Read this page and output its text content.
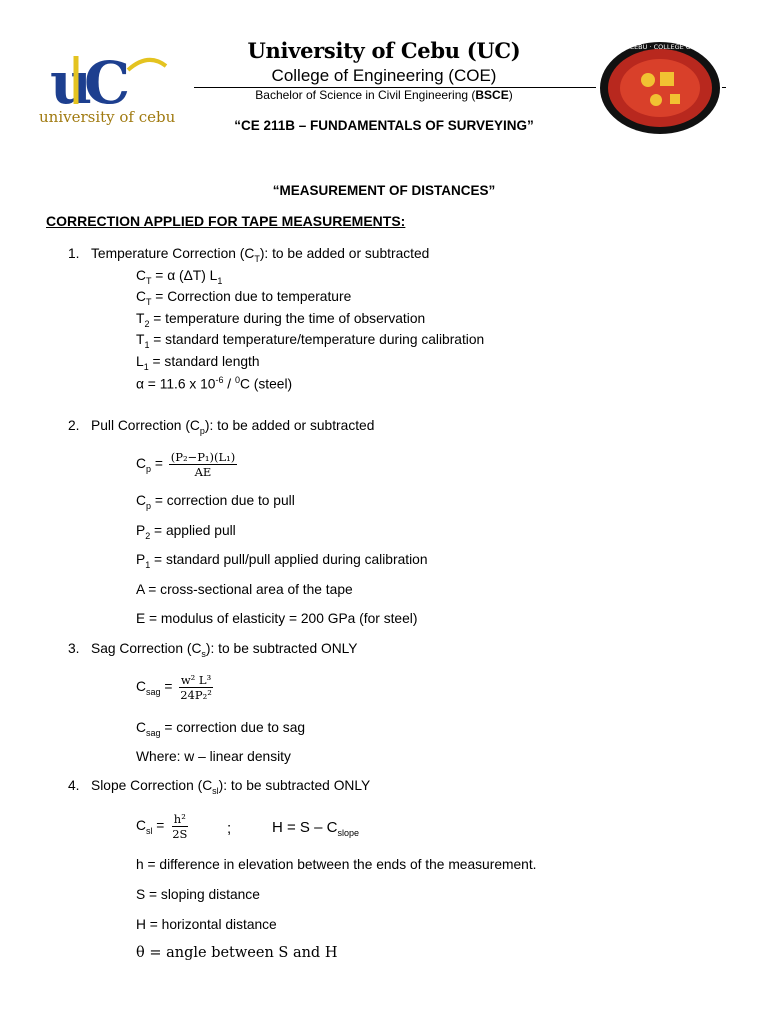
u
C
university of cebu
UNIVERSITY OF CEBU · COLLEGE OF ENGINEERING
University of Cebu (UC)
College of Engineering (COE)
Bachelor of Science in Civil Engineering (BSCE)
“CE 211B – FUNDAMENTALS OF SURVEYING”
“MEASUREMENT OF DISTANCES”
CORRECTION APPLIED FOR TAPE MEASUREMENTS:
1. Temperature Correction $(C_T)$: to be added or subtracted
$C_T = \alpha$ (ΔT) $L_1$
$C_T$ = Correction due to temperature
$T_2$ = temperature during the time of observation
$T_1$ = standard temperature/temperature during calibration
$L_1$ = standard length
α = 11.6 x $10^{-6} / ^0C$ (steel)
2. Pull Correction $(C_p)$: to be added or subtracted
$C_p = \frac{\text{(P₂−P₁)(L₁)}}{AE}$
$C_p$ = correction due to pull
$P_2$ = applied pull
$P_1$ = standard pull/pull applied during calibration
A = cross-sectional area of the tape
E = modulus of elasticity = 200 GPa (for steel)
3. Sag Correction $(C_s)$: to be subtracted ONLY
$C_{sag} = \frac{\text{w² L³}}{\text{24P₂²}}$
$C_{sag}$ = correction due to sag
Where: w – linear density
4. Slope Correction $(C_{sl})$: to be subtracted ONLY
$C_{sl} = \frac{\text{h²}}{2S}$	;	$H = S - C_{slope}$
h = difference in elevation between the ends of the measurement.
S = sloping distance
H = horizontal distance
θ = angle between S and H
